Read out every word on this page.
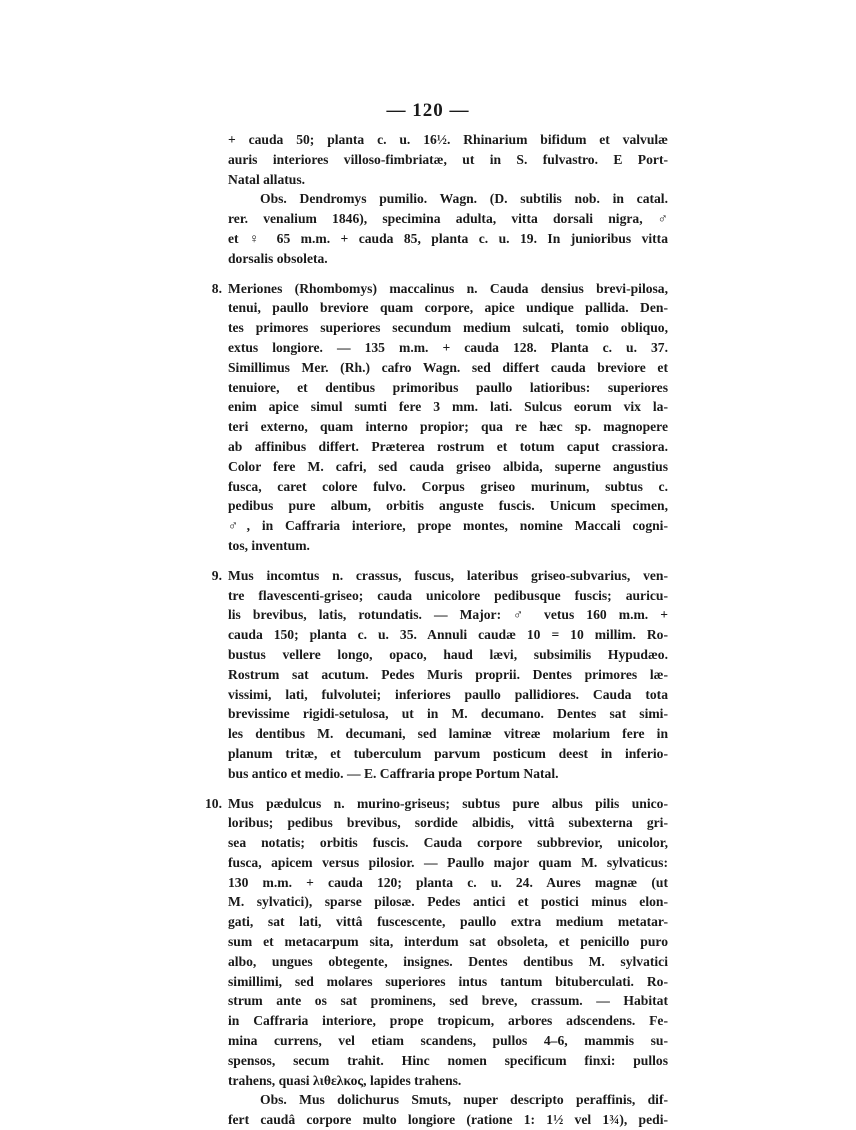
— 120 —
+ cauda 50; planta c. u. 16½. Rhinarium bifidum et valvulæ
auris interiores villoso-fimbriatæ, ut in S. fulvastro. E Port-
Natal allatus.
Obs. Dendromys pumilio. Wagn. (D. subtilis nob. in catal.
rer. venalium 1846), specimina adulta, vitta dorsali nigra, ♂
et ♀ 65 m.m. + cauda 85, planta c. u. 19. In junioribus vitta
dorsalis obsoleta.
8. Meriones (Rhombomys) maccalinus n. Cauda densius brevi-pilosa,
tenui, paullo breviore quam corpore, apice undique pallida. Den-
tes primores superiores secundum medium sulcati, tomio obliquo,
extus longiore. — 135 m.m. + cauda 128. Planta c. u. 37.
Simillimus Mer. (Rh.) cafro Wagn. sed differt cauda breviore et
tenuiore, et dentibus primoribus paullo latioribus: superiores
enim apice simul sumti fere 3 mm. lati. Sulcus eorum vix la-
teri externo, quam interno propior; qua re hæc sp. magnopere
ab affinibus differt. Præterea rostrum et totum caput crassiora.
Color fere M. cafri, sed cauda griseo albida, superne angustius
fusca, caret colore fulvo. Corpus griseo murinum, subtus c.
pedibus pure album, orbitis anguste fuscis. Unicum specimen,
♂, in Caffraria interiore, prope montes, nomine Maccali cogni-
tos, inventum.
9. Mus incomtus n. crassus, fuscus, lateribus griseo-subvarius, ven-
tre flavescenti-griseo; cauda unicolore pedibusque fuscis; auricu-
lis brevibus, latis, rotundatis. — Major: ♂ vetus 160 m.m. +
cauda 150; planta c. u. 35. Annuli caudæ 10 = 10 millim. Ro-
bustus vellere longo, opaco, haud lævi, subsimilis Hypudæo.
Rostrum sat acutum. Pedes Muris proprii. Dentes primores læ-
vissimi, lati, fulvolutei; inferiores paullo pallidiores. Cauda tota
brevissime rigidi-setulosa, ut in M. decumano. Dentes sat simi-
les dentibus M. decumani, sed laminæ vitreæ molarium fere in
planum tritæ, et tuberculum parvum posticum deest in inferio-
bus antico et medio. — E. Caffraria prope Portum Natal.
10. Mus pædulcus n. murino-griseus; subtus pure albus pilis unico-
loribus; pedibus brevibus, sordide albidis, vittâ subexterna gri-
sea notatis; orbitis fuscis. Cauda corpore subbrevior, unicolor,
fusca, apicem versus pilosior. — Paullo major quam M. sylvaticus:
130 m.m. + cauda 120; planta c. u. 24. Aures magnæ (ut
M. sylvatici), sparse pilosæ. Pedes antici et postici minus elon-
gati, sat lati, vittâ fuscescente, paullo extra medium metatar-
sum et metacarpum sita, interdum sat obsoleta, et penicillo puro
albo, ungues obtegente, insignes. Dentes dentibus M. sylvatici
simillimi, sed molares superiores intus tantum bituberculati. Ro-
strum ante os sat prominens, sed breve, crassum. — Habitat
in Caffraria interiore, prope tropicum, arbores adscendens. Fe-
mina currens, vel etiam scandens, pullos 4–6, mammis su-
spensos, secum trahit. Hinc nomen specificum finxi: pullos
trahens, quasi λιθελκος, lapides trahens.
Obs. Mus dolichurus Smuts, nuper descripto peraffinis, dif-
fert caudâ corpore multo longiore (ratione 1: 1½ vel 1¾), pedi-
